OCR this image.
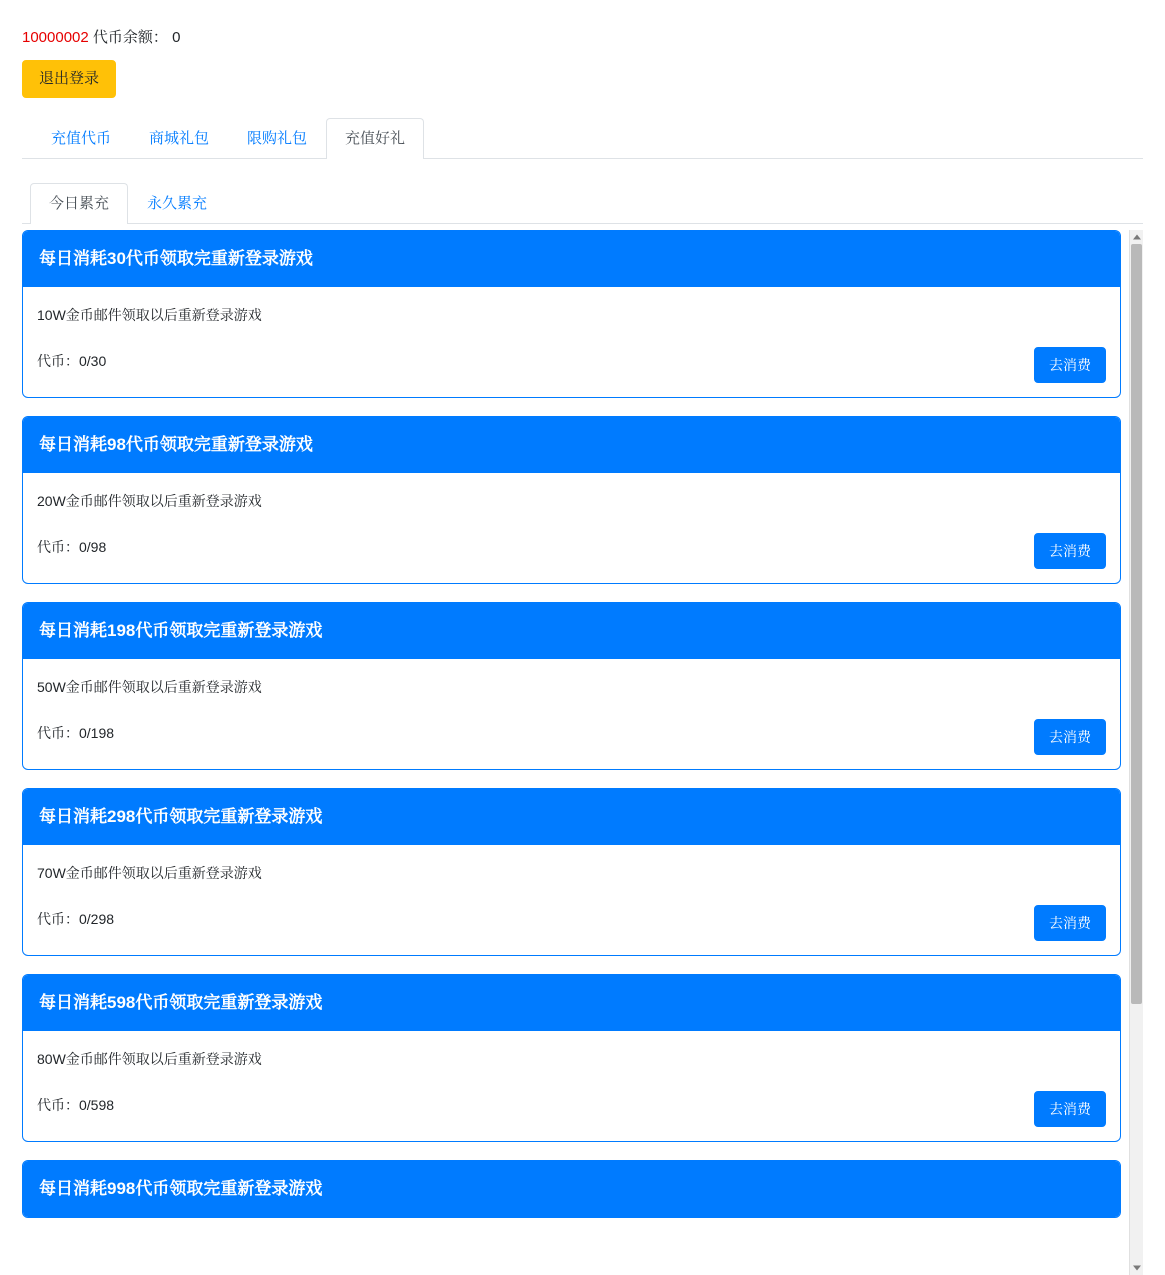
10000002 代币余额： 0
退出登录
充值代币	商城礼包	限购礼包	充值好礼
今日累充	永久累充
每日消耗30代币领取完重新登录游戏

10W金币邮件领取以后重新登录游戏

代币：0/30	去消费
每日消耗98代币领取完重新登录游戏

20W金币邮件领取以后重新登录游戏

代币：0/98	去消费
每日消耗198代币领取完重新登录游戏

50W金币邮件领取以后重新登录游戏

代币：0/198	去消费
每日消耗298代币领取完重新登录游戏

70W金币邮件领取以后重新登录游戏

代币：0/298	去消费
每日消耗598代币领取完重新登录游戏

80W金币邮件领取以后重新登录游戏

代币：0/598	去消费
每日消耗998代币领取完重新登录游戏
